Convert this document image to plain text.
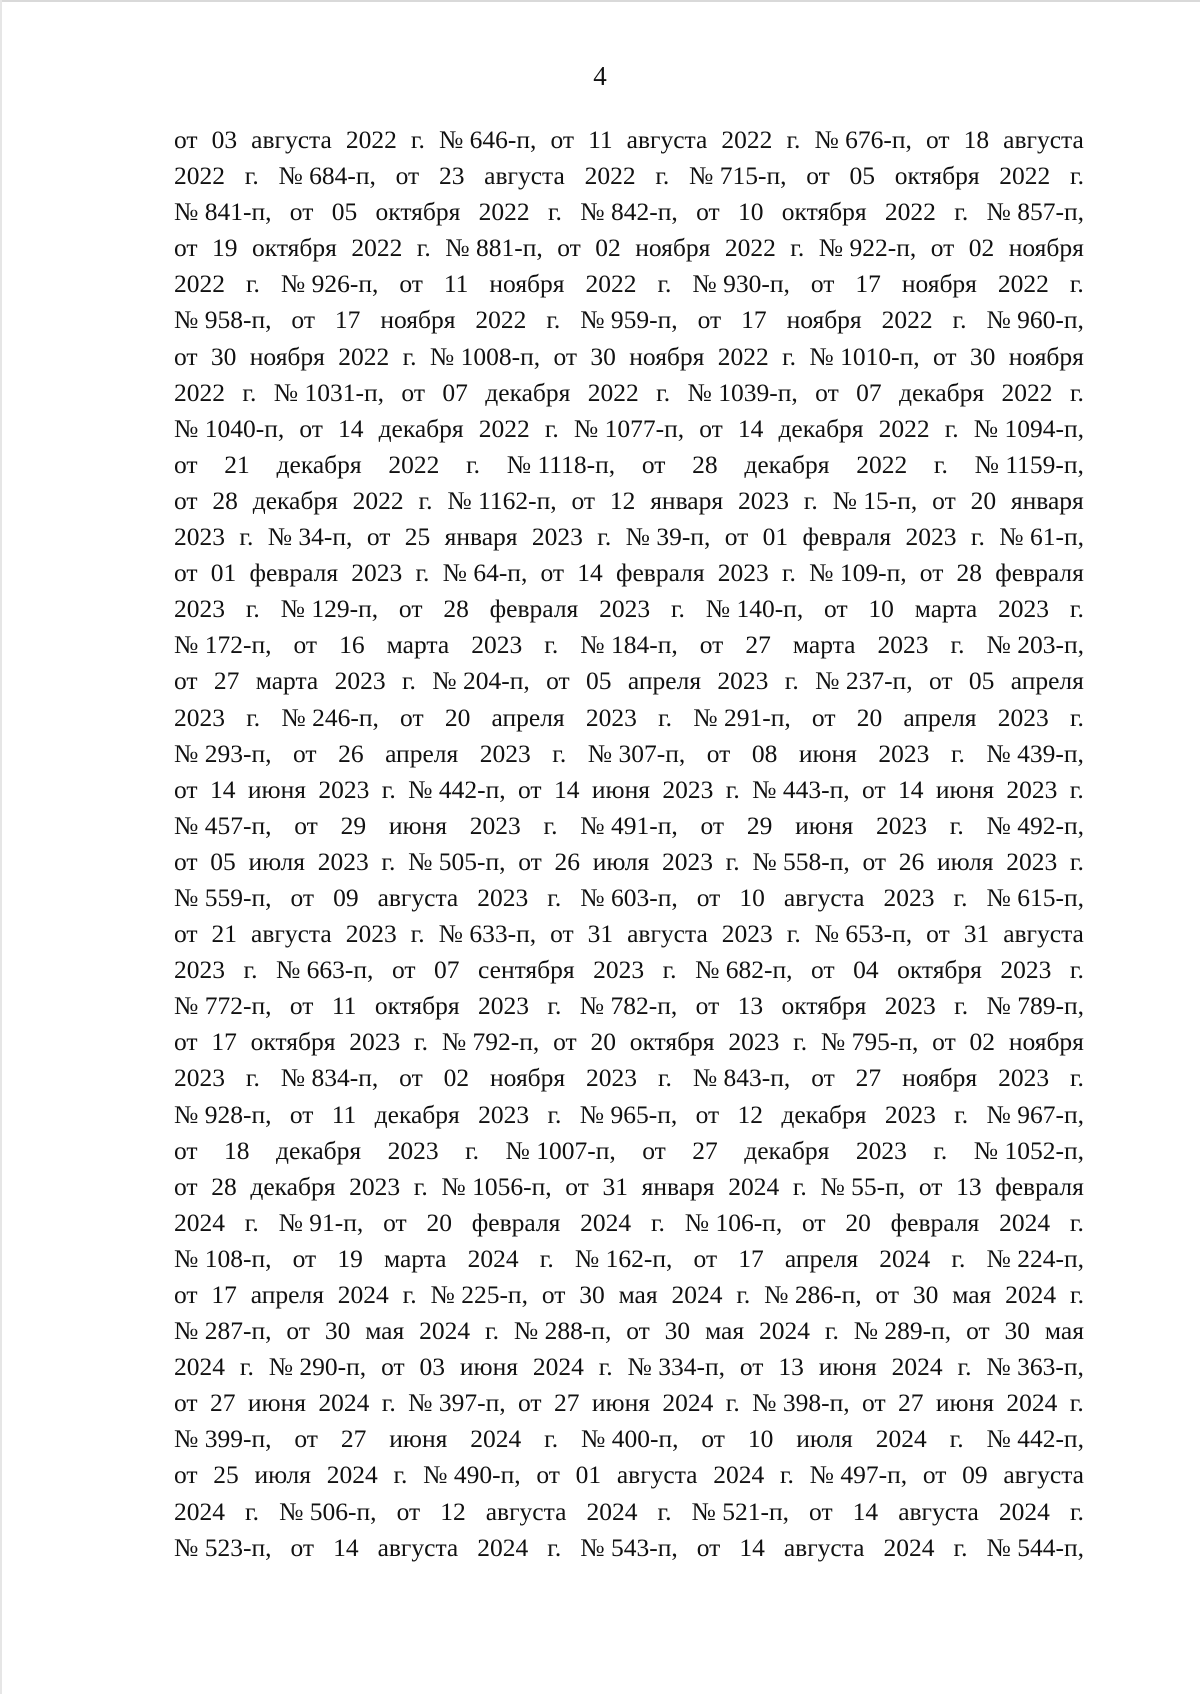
4
от 03 августа 2022 г. № 646-п, от 11 августа 2022 г. № 676-п, от 18 августа
2022 г. № 684-п, от 23 августа 2022 г. № 715-п, от 05 октября 2022 г.
№ 841-п, от 05 октября 2022 г. № 842-п, от 10 октября 2022 г. № 857-п,
от 19 октября 2022 г. № 881-п, от 02 ноября 2022 г. № 922-п, от 02 ноября
2022 г. № 926-п, от 11 ноября 2022 г. № 930-п, от 17 ноября 2022 г.
№ 958-п, от 17 ноября 2022 г. № 959-п, от 17 ноября 2022 г. № 960-п,
от 30 ноября 2022 г. № 1008-п, от 30 ноября 2022 г. № 1010-п, от 30 ноября
2022 г. № 1031-п, от 07 декабря 2022 г. № 1039-п, от 07 декабря 2022 г.
№ 1040-п, от 14 декабря 2022 г. № 1077-п, от 14 декабря 2022 г. № 1094-п,
от 21 декабря 2022 г. № 1118-п, от 28 декабря 2022 г. № 1159-п,
от 28 декабря 2022 г. № 1162-п, от 12 января 2023 г. № 15-п, от 20 января
2023 г. № 34-п, от 25 января 2023 г. № 39-п, от 01 февраля 2023 г. № 61-п,
от 01 февраля 2023 г. № 64-п, от 14 февраля 2023 г. № 109-п, от 28 февраля
2023 г. № 129-п, от 28 февраля 2023 г. № 140-п, от 10 марта 2023 г.
№ 172-п, от 16 марта 2023 г. № 184-п, от 27 марта 2023 г. № 203-п,
от 27 марта 2023 г. № 204-п, от 05 апреля 2023 г. № 237-п, от 05 апреля
2023 г. № 246-п, от 20 апреля 2023 г. № 291-п, от 20 апреля 2023 г.
№ 293-п, от 26 апреля 2023 г. № 307-п, от 08 июня 2023 г. № 439-п,
от 14 июня 2023 г. № 442-п, от 14 июня 2023 г. № 443-п, от 14 июня 2023 г.
№ 457-п, от 29 июня 2023 г. № 491-п, от 29 июня 2023 г. № 492-п,
от 05 июля 2023 г. № 505-п, от 26 июля 2023 г. № 558-п, от 26 июля 2023 г.
№ 559-п, от 09 августа 2023 г. № 603-п, от 10 августа 2023 г. № 615-п,
от 21 августа 2023 г. № 633-п, от 31 августа 2023 г. № 653-п, от 31 августа
2023 г. № 663-п, от 07 сентября 2023 г. № 682-п, от 04 октября 2023 г.
№ 772-п, от 11 октября 2023 г. № 782-п, от 13 октября 2023 г. № 789-п,
от 17 октября 2023 г. № 792-п, от 20 октября 2023 г. № 795-п, от 02 ноября
2023 г. № 834-п, от 02 ноября 2023 г. № 843-п, от 27 ноября 2023 г.
№ 928-п, от 11 декабря 2023 г. № 965-п, от 12 декабря 2023 г. № 967-п,
от 18 декабря 2023 г. № 1007-п, от 27 декабря 2023 г. № 1052-п,
от 28 декабря 2023 г. № 1056-п, от 31 января 2024 г. № 55-п, от 13 февраля
2024 г. № 91-п, от 20 февраля 2024 г. № 106-п, от 20 февраля 2024 г.
№ 108-п, от 19 марта 2024 г. № 162-п, от 17 апреля 2024 г. № 224-п,
от 17 апреля 2024 г. № 225-п, от 30 мая 2024 г. № 286-п, от 30 мая 2024 г.
№ 287-п, от 30 мая 2024 г. № 288-п, от 30 мая 2024 г. № 289-п, от 30 мая
2024 г. № 290-п, от 03 июня 2024 г. № 334-п, от 13 июня 2024 г. № 363-п,
от 27 июня 2024 г. № 397-п, от 27 июня 2024 г. № 398-п, от 27 июня 2024 г.
№ 399-п, от 27 июня 2024 г. № 400-п, от 10 июля 2024 г. № 442-п,
от 25 июля 2024 г. № 490-п, от 01 августа 2024 г. № 497-п, от 09 августа
2024 г. № 506-п, от 12 августа 2024 г. № 521-п, от 14 августа 2024 г.
№ 523-п, от 14 августа 2024 г. № 543-п, от 14 августа 2024 г. № 544-п,
